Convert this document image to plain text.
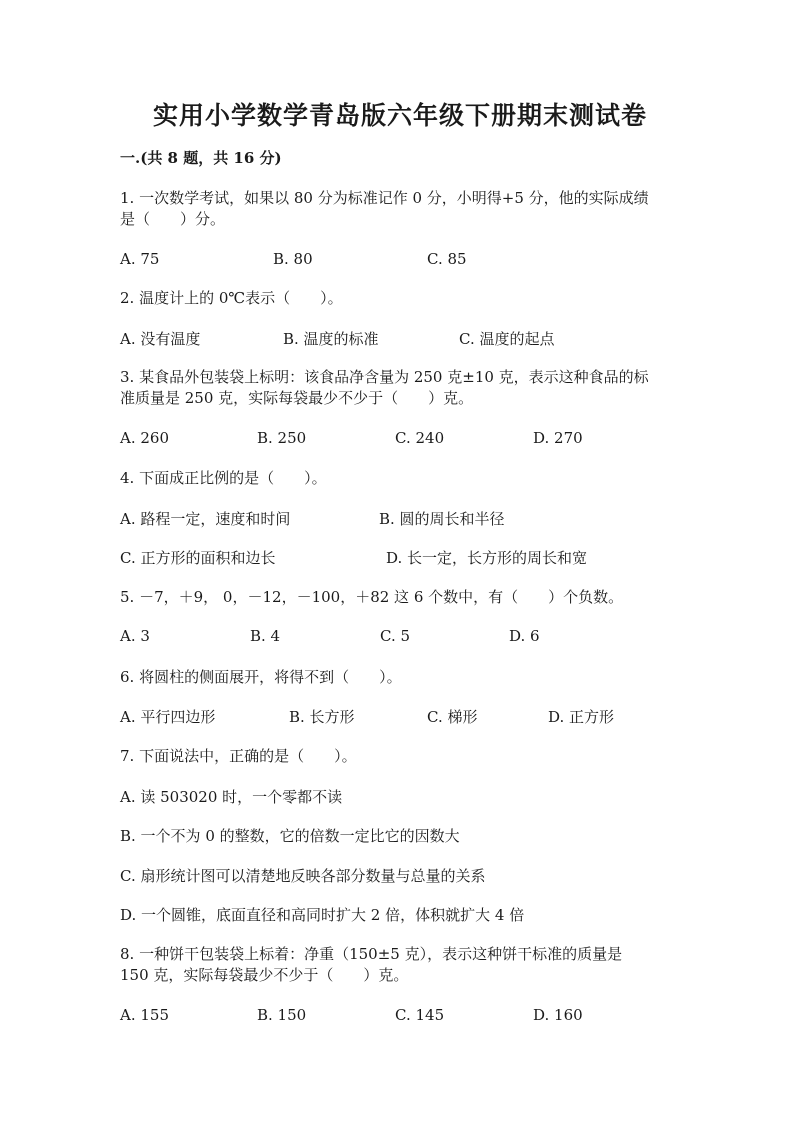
实用小学数学青岛版六年级下册期末测试卷
一.(共 8 题，共 16 分)
1. 一次数学考试，如果以 80 分为标准记作 0 分，小明得+5 分，他的实际成绩
是（　　）分。
A. 75	B. 80	C. 85
2. 温度计上的 0℃表示（　　）。
A. 没有温度	B. 温度的标准	C. 温度的起点
3. 某食品外包装袋上标明：该食品净含量为 250 克±10 克，表示这种食品的标
准质量是 250 克，实际每袋最少不少于（　　）克。
A. 260	B. 250	C. 240	D. 270
4. 下面成正比例的是（　　）。
A. 路程一定，速度和时间	B. 圆的周长和半径
C. 正方形的面积和边长	D. 长一定，长方形的周长和宽
5. －7，＋9， 0，－12，－100，＋82 这 6 个数中，有（　　）个负数。
A. 3	B. 4	C. 5	D. 6
6. 将圆柱的侧面展开，将得不到（　　）。
A. 平行四边形	B. 长方形	C. 梯形	D. 正方形
7. 下面说法中，正确的是（　　）。
A. 读 503020 时，一个零都不读
B. 一个不为 0 的整数，它的倍数一定比它的因数大
C. 扇形统计图可以清楚地反映各部分数量与总量的关系
D. 一个圆锥，底面直径和高同时扩大 2 倍，体积就扩大 4 倍
8. 一种饼干包装袋上标着：净重（150±5 克），表示这种饼干标准的质量是
150 克，实际每袋最少不少于（　　）克。
A. 155	B. 150	C. 145	D. 160
